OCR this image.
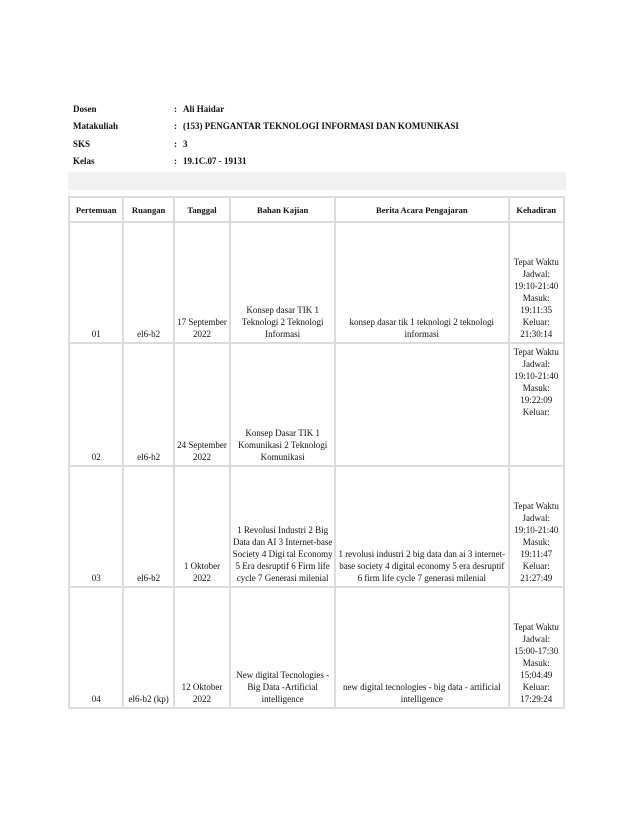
Dosen	: Ali Haidar
Matakuliah	: (153) PENGANTAR TEKNOLOGI INFORMASI DAN KOMUNIKASI
SKS	: 3
Kelas	: 19.1C.07 - 19131
Pertemuan	Ruangan	Tanggal	Bahan Kajian	Berita Acara Pengajaran	Kehadiran
01	el6-b2	17 September 2022	Konsep dasar TIK 1 Teknologi 2 Teknologi Informasi	konsep dasar tik 1 teknologi 2 teknologi informasi	Tepat Waktu Jadwal: 19:10-21:40 Masuk: 19:11:35 Keluar: 21:30:14
02	el6-b2	24 September 2022	Konsep Dasar TIK 1 Komunikasi 2 Teknologi Komunikasi		Tepat Waktu Jadwal: 19:10-21:40 Masuk: 19:22:09 Keluar:
03	el6-b2	1 Oktober 2022	1 Revolusi Industri 2 Big Data dan AI 3 Internet-base Society 4 Digi tal Economy 5 Era desruptif 6 Firm life cycle 7 Generasi milenial	1 revolusi industri 2 big data dan ai 3 internet-base society 4 digital economy 5 era desruptif 6 firm life cycle 7 generasi milenial	Tepat Waktu Jadwal: 19:10-21:40 Masuk: 19:11:47 Keluar: 21:27:49
04	el6-b2 (kp)	12 Oktober 2022	New digital Tecnologies -Big Data -Artificial intelligence	new digital tecnologies - big data - artificial intelligence	Tepat Waktu Jadwal: 15:00-17:30 Masuk: 15:04:49 Keluar: 17:29:24
